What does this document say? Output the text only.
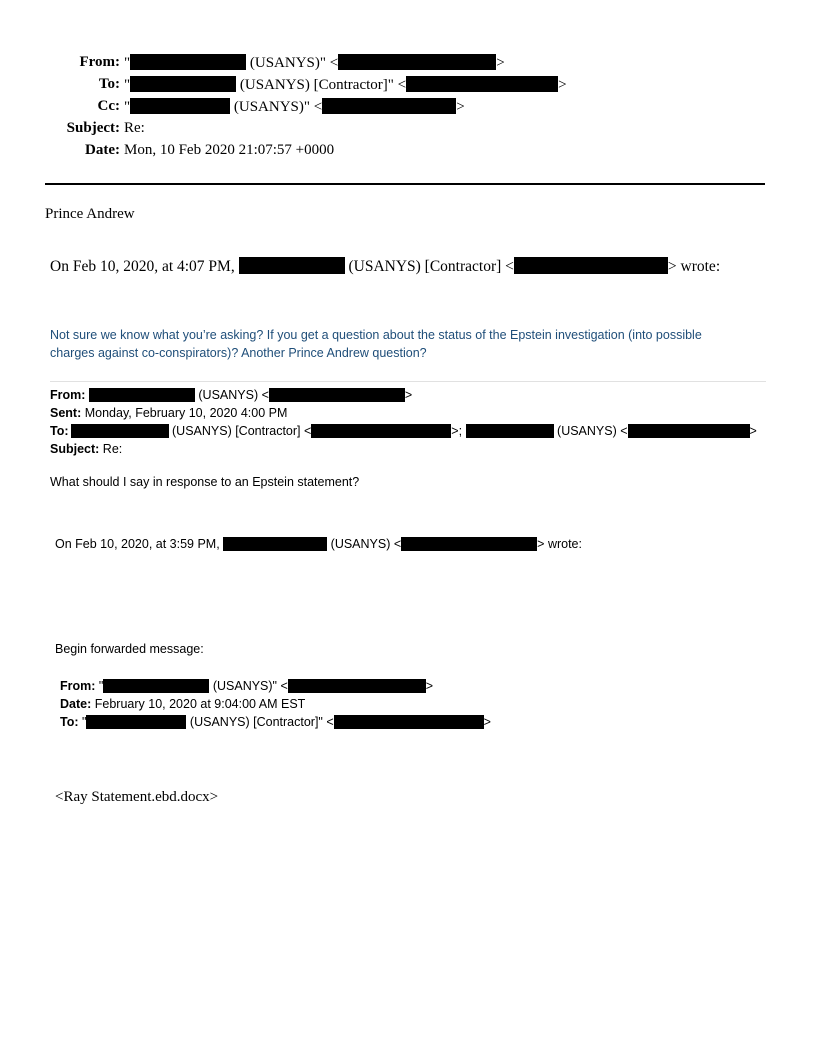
From: "	(USANYS)" <	>
To: "	(USANYS) [Contractor]" <	>
Cc: "	(USANYS)" <	>
Subject: Re:
Date: Mon, 10 Feb 2020 21:07:57 +0000
Prince Andrew
On Feb 10, 2020, at 4:07 PM,	(USANYS) [Contractor] <	> wrote:
Not sure we know what you’re asking? If you get a question about the status of the Epstein investigation (into possible
charges against co-conspirators)? Another Prince Andrew question?
From:	(USANYS) <	>
Sent: Monday, February 10, 2020 4:00 PM
To:	(USANYS) [Contractor] <	>;	(USANYS) <	>
Subject: Re:
What should I say in response to an Epstein statement?
On Feb 10, 2020, at 3:59 PM,	(USANYS) <	> wrote:
Begin forwarded message:
From: "	(USANYS)" <	>
Date: February 10, 2020 at 9:04:00 AM EST
To: "	(USANYS) [Contractor]" <	>
<Ray Statement.ebd.docx>
